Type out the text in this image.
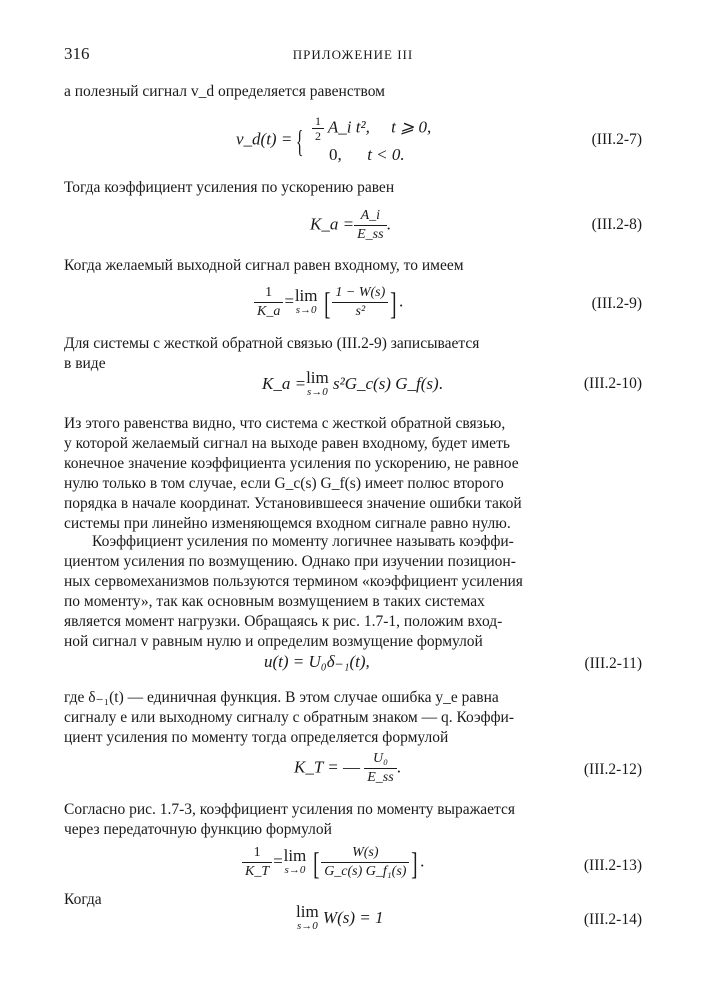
316	ПРИЛОЖЕНИЕ III
а полезный сигнал v_d определяется равенством
v_d(t) = { $\frac{1}{2}$ A_i t²,     t ⩾ 0,
0, t < 0.
(III.2-7)
Тогда коэффициент усиления по ускорению равен
K_a = $\frac{A\_i}{E\_ss}$ .	(III.2-8)
Когда желаемый выходной сигнал равен входному, то имеем
$\frac{1}{K\_a} =\lim$
s→0 [ $\frac{1 - W(s)}{\text{s²}}$ ] .	(III.2-9)
Для системы с жесткой обратной связью (III.2-9) записывается
в виде
K_a =lim
s→0 s²G_c(s) G_f(s).	(III.2-10)
Из этого равенства видно, что система с жесткой обратной связью,
у которой желаемый сигнал на выходе равен входному, будет иметь
конечное значение коэффициента усиления по ускорению, не равное
нулю только в том случае, если G_c(s) G_f(s) имеет полюс второго
порядка в начале координат. Установившееся значение ошибки такой
системы при линейно изменяющемся входном сигнале равно нулю.
Коэффициент усиления по моменту логичнее называть коэффи-
циентом усиления по возмущению. Однако при изучении позицион-
ных сервомеханизмов пользуются термином «коэффициент усиления
по моменту», так как основным возмущением в таких системах
является момент нагрузки. Обращаясь к рис. 1.7-1, положим вход-
ной сигнал v равным нулю и определим возмущение формулой
u(t) = U₀δ₋₁(t),	(III.2-11)
где δ₋₁(t) — единичная функция. В этом случае ошибка y_e равна
сигналу e или выходному сигналу с обратным знаком — q. Коэффи-
циент усиления по моменту тогда определяется формулой
K_T = — $\frac{\text{U₀}}{E\_ss}$ .	(III.2-12)
Согласно рис. 1.7-3, коэффициент усиления по моменту выражается
через передаточную функцию формулой
$\frac{1}{K\_T} =\lim$
s→0 [ $\frac{W(s)}{\text{G\_c(s) G\_f₁(s)}}$ ] .	(III.2-13)
Когда
lim
s→0 W(s) = 1	(III.2-14)
